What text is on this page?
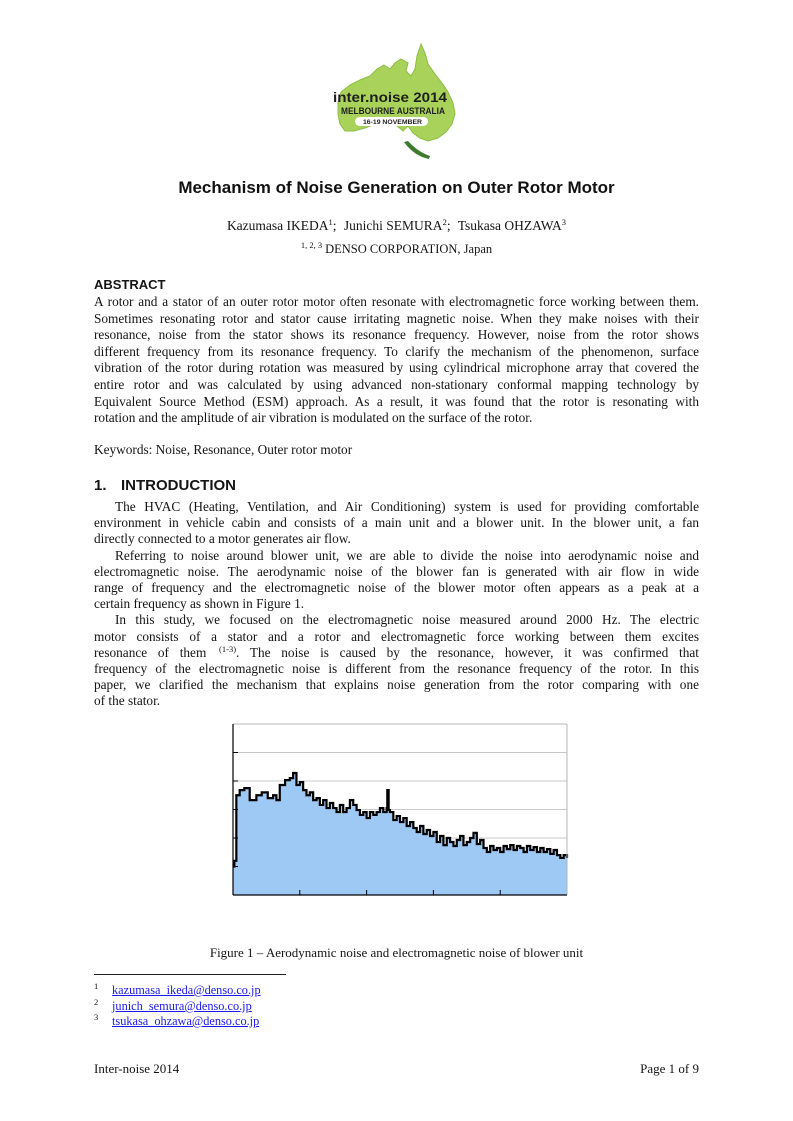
inter.noise 2014
MELBOURNE AUSTRALIA
16-19 NOVEMBER
Mechanism of Noise Generation on Outer Rotor Motor
Kazumasa IKEDA$^1$; Junichi SEMURA$^2$; Tsukasa OHZAWA$^3$
$^{1, 2, 3}$ DENSO CORPORATION, Japan
ABSTRACT
A rotor and a stator of an outer rotor motor often resonate with electromagnetic force working between them.
Sometimes resonating rotor and stator cause irritating magnetic noise. When they make noises with their
resonance, noise from the stator shows its resonance frequency. However, noise from the rotor shows
different frequency from its resonance frequency. To clarify the mechanism of the phenomenon, surface
vibration of the rotor during rotation was measured by using cylindrical microphone array that covered the
entire rotor and was calculated by using advanced non-stationary conformal mapping technology by
Equivalent Source Method (ESM) approach. As a result, it was found that the rotor is resonating with
rotation and the amplitude of air vibration is modulated on the surface of the rotor.
Keywords: Noise, Resonance, Outer rotor motor
1. INTRODUCTION
The HVAC (Heating, Ventilation, and Air Conditioning) system is used for providing comfortable
environment in vehicle cabin and consists of a main unit and a blower unit. In the blower unit, a fan
directly connected to a motor generates air flow.
Referring to noise around blower unit, we are able to divide the noise into aerodynamic noise and
electromagnetic noise. The aerodynamic noise of the blower fan is generated with air flow in wide
range of frequency and the electromagnetic noise of the blower motor often appears as a peak at a
certain frequency as shown in Figure 1.
In this study, we focused on the electromagnetic noise measured around 2000 Hz. The electric
motor consists of a stator and a rotor and electromagnetic force working between them excites
resonance of them $^{(1-3)}$. The noise is caused by the resonance, however, it was confirmed that
frequency of the electromagnetic noise is different from the resonance frequency of the rotor. In this
paper, we clarified the mechanism that explains noise generation from the rotor comparing with one
of the stator.
Figure 1 – Aerodynamic noise and electromagnetic noise of blower unit
1 kazumasa_ikeda@denso.co.jp
2 junich_semura@denso.co.jp
3 tsukasa_ohzawa@denso.co.jp
Inter-noise 2014	Page 1 of 9
